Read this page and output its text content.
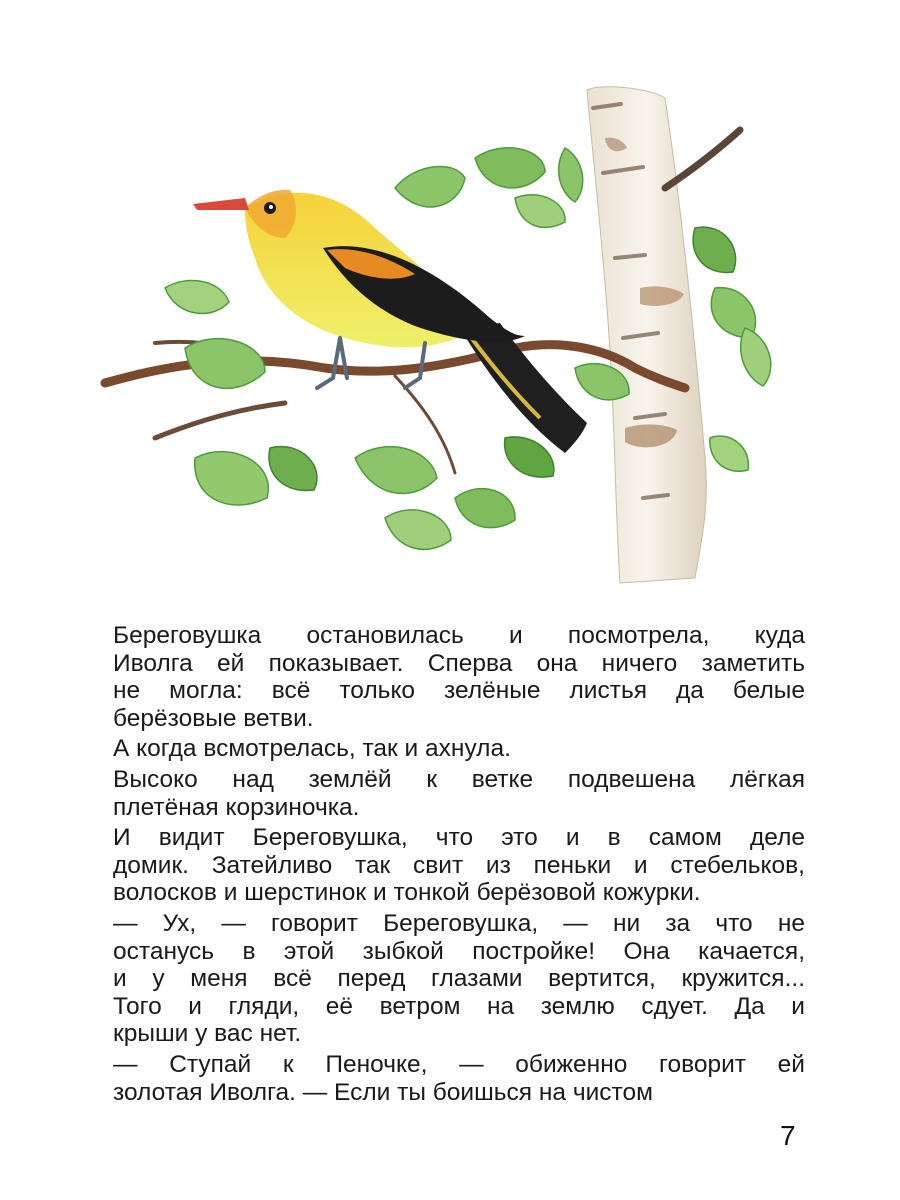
Береговушка остановилась и посмотрела, куда
Иволга ей показывает. Сперва она ничего заметить
не могла: всё только зелёные листья да белые
берёзовые ветви.
А когда всмотрелась, так и ахнула.
Высоко над землёй к ветке подвешена лёгкая
плетёная корзиночка.
И видит Береговушка, что это и в самом деле
домик. Затейливо так свит из пеньки и стебельков,
волосков и шерстинок и тонкой берёзовой кожурки.
— Ух, — говорит Береговушка, — ни за что не
останусь в этой зыбкой постройке! Она качается,
и у меня всё перед глазами вертится, кружится...
Того и гляди, её ветром на землю сдует. Да и
крыши у вас нет.
— Ступай к Пеночке, — обиженно говорит ей
золотая Иволга. — Если ты боишься на чистом
7
